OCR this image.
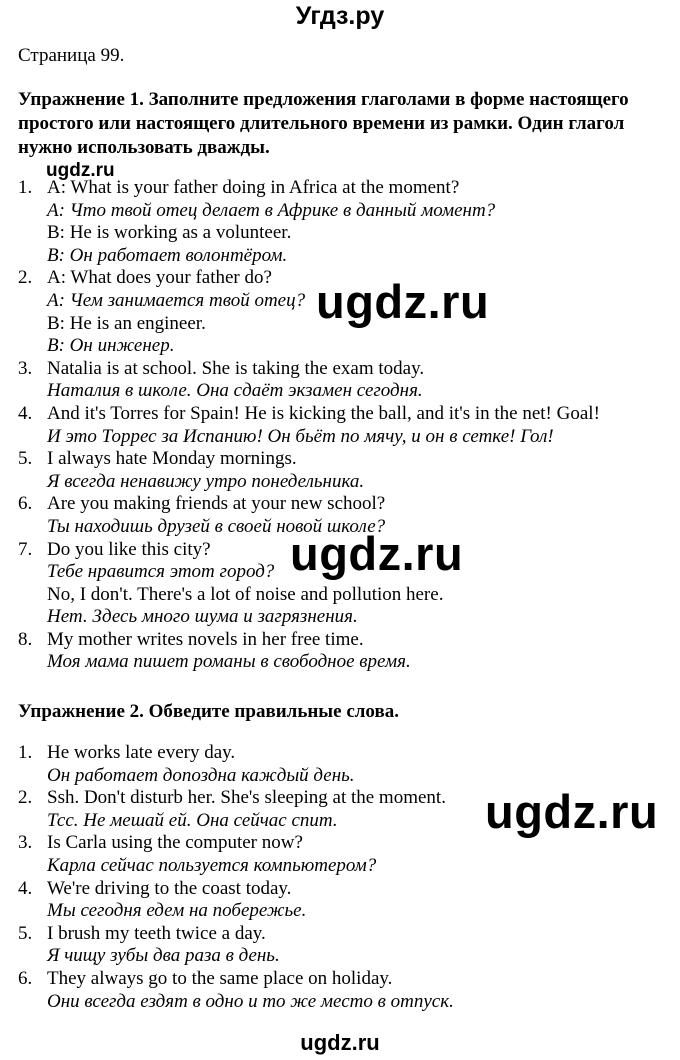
Угдз.ру
Страница 99.
Упражнение 1. Заполните предложения глаголами в форме настоящего простого или настоящего длительного времени из рамки. Один глагол нужно использовать дважды.
ugdz.ru
1. A: What is your father doing in Africa at the moment?
А: Что твой отец делает в Африке в данный момент?
B: He is working as a volunteer.
В: Он работает волонтёром.
2. A: What does your father do?
А: Чем занимается твой отец?
B: He is an engineer.
В: Он инженер.
3. Natalia is at school. She is taking the exam today.
Наталия в школе. Она сдаёт экзамен сегодня.
4. And it's Torres for Spain! He is kicking the ball, and it's in the net! Goal!
И это Торрес за Испанию! Он бьёт по мячу, и он в сетке! Гол!
5. I always hate Monday mornings.
Я всегда ненавижу утро понедельника.
6. Are you making friends at your new school?
Ты находишь друзей в своей новой школе?
7. Do you like this city?
Тебе нравится этот город?
No, I don't. There's a lot of noise and pollution here.
Нет. Здесь много шума и загрязнения.
8. My mother writes novels in her free time.
Моя мама пишет романы в свободное время.
Упражнение 2. Обведите правильные слова.
1. He works late every day.
Он работает допоздна каждый день.
2. Ssh. Don't disturb her. She's sleeping at the moment.
Тсс. Не мешай ей. Она сейчас спит.
3. Is Carla using the computer now?
Карла сейчас пользуется компьютером?
4. We're driving to the coast today.
Мы сегодня едем на побережье.
5. I brush my teeth twice a day.
Я чищу зубы два раза в день.
6. They always go to the same place on holiday.
Они всегда ездят в одно и то же место в отпуск.
ugdz.ru
ugdz.ru
ugdz.ru
ugdz.ru
